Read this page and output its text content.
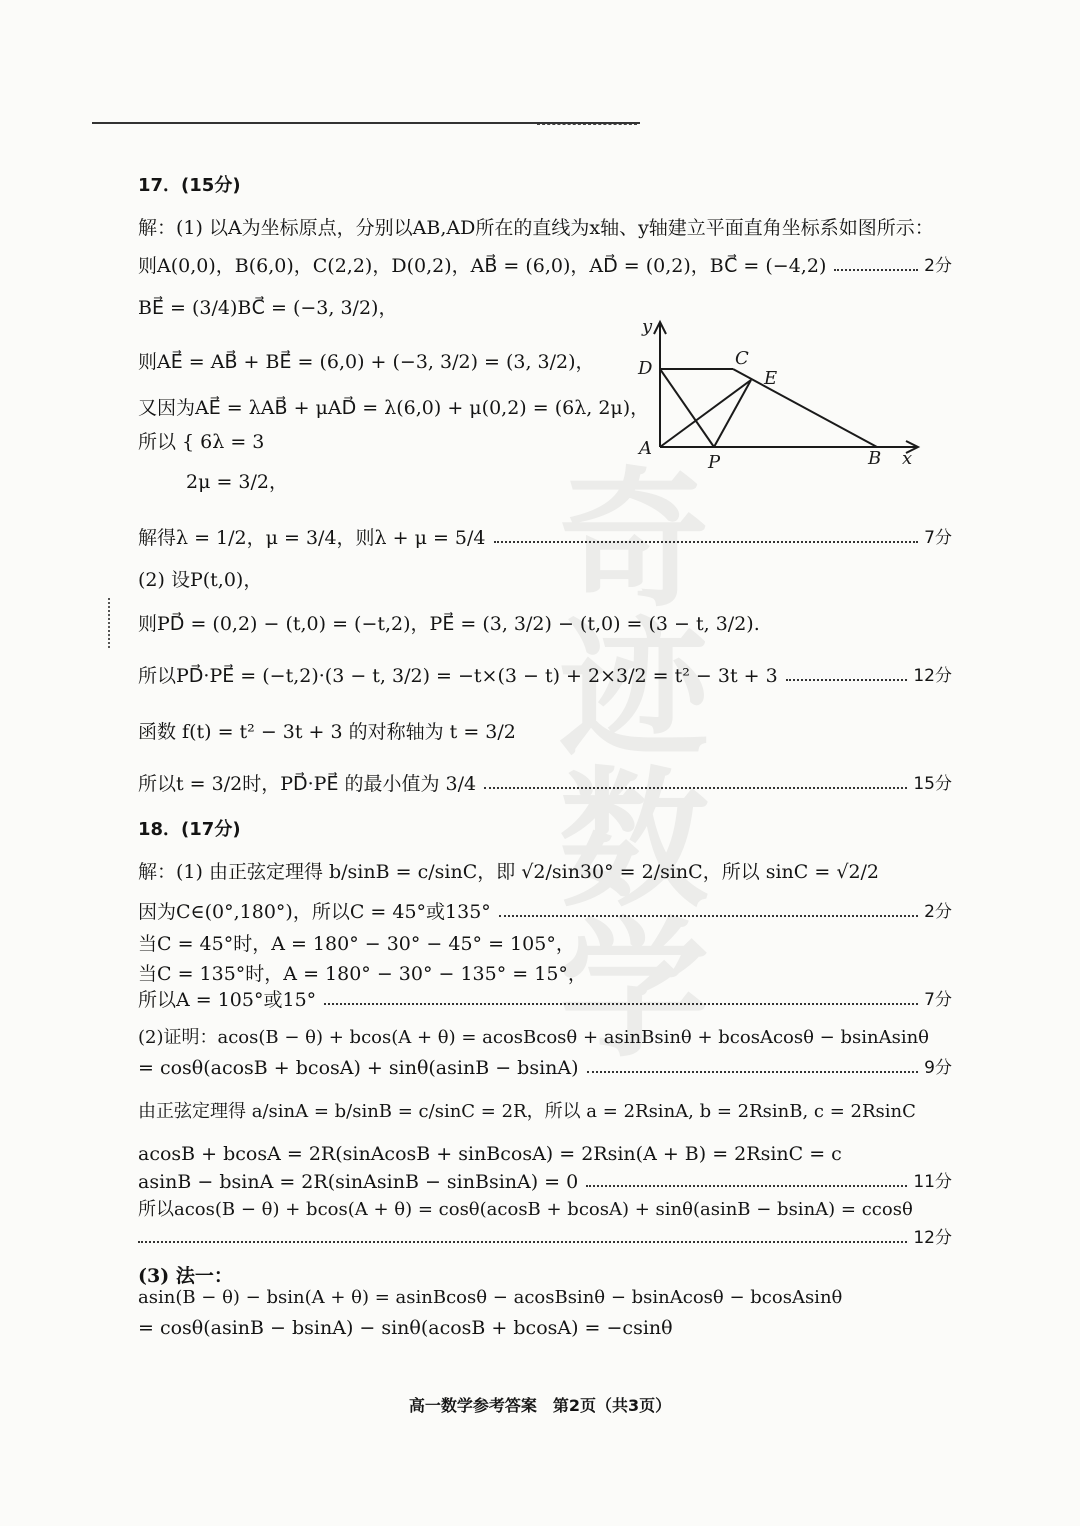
奇迹数学
17．(15分)
解：(1) 以A为坐标原点，分别以AB,AD所在的直线为x轴、y轴建立平面直角坐标系如图所示：
则A(0,0)，B(6,0)，C(2,2)，D(0,2)，AB⃗ = (6,0)，AD⃗ = (0,2)，BC⃗ = (−4,2)	2分
BE⃗ = (3/4)BC⃗ = (−3, 3/2)，
则AE⃗ = AB⃗ + BE⃗ = (6,0) + (−3, 3/2) = (3, 3/2)，
又因为AE⃗ = λAB⃗ + μAD⃗ = λ(6,0) + μ(0,2) = (6λ, 2μ)，
所以 { 6λ = 3
2μ = 3/2，
解得λ = 1/2，μ = 3/4，则λ + μ = 5/4	7分
(2) 设P(t,0)，
则PD⃗ = (0,2) − (t,0) = (−t,2)，PE⃗ = (3, 3/2) − (t,0) = (3 − t, 3/2).
所以PD⃗·PE⃗ = (−t,2)·(3 − t, 3/2) = −t×(3 − t) + 2×3/2 = t² − 3t + 3	12分
函数 f(t) = t² − 3t + 3 的对称轴为 t = 3/2
所以t = 3/2时，PD⃗·PE⃗ 的最小值为 3/4	15分
y
x
D	C
E
A
P	B
18．(17分)
解：(1) 由正弦定理得 b/sinB = c/sinC，即 √2/sin30° = 2/sinC，所以 sinC = √2/2
因为C∈(0°,180°)，所以C = 45°或135°	2分
当C = 45°时，A = 180° − 30° − 45° = 105°，
当C = 135°时，A = 180° − 30° − 135° = 15°，
所以A = 105°或15°	7分
(2)证明：acos(B − θ) + bcos(A + θ) = acosBcosθ + asinBsinθ + bcosAcosθ − bsinAsinθ
= cosθ(acosB + bcosA) + sinθ(asinB − bsinA)	9分
由正弦定理得 a/sinA = b/sinB = c/sinC = 2R，所以 a = 2RsinA, b = 2RsinB, c = 2RsinC
acosB + bcosA = 2R(sinAcosB + sinBcosA) = 2Rsin(A + B) = 2RsinC = c
asinB − bsinA = 2R(sinAsinB − sinBsinA) = 0	11分
所以acos(B − θ) + bcos(A + θ) = cosθ(acosB + bcosA) + sinθ(asinB − bsinA) = ccosθ
12分
(3) 法一：
asin(B − θ) − bsin(A + θ) = asinBcosθ − acosBsinθ − bsinAcosθ − bcosAsinθ
= cosθ(asinB − bsinA) − sinθ(acosB + bcosA) = −csinθ
高一数学参考答案　第2页（共3页）
